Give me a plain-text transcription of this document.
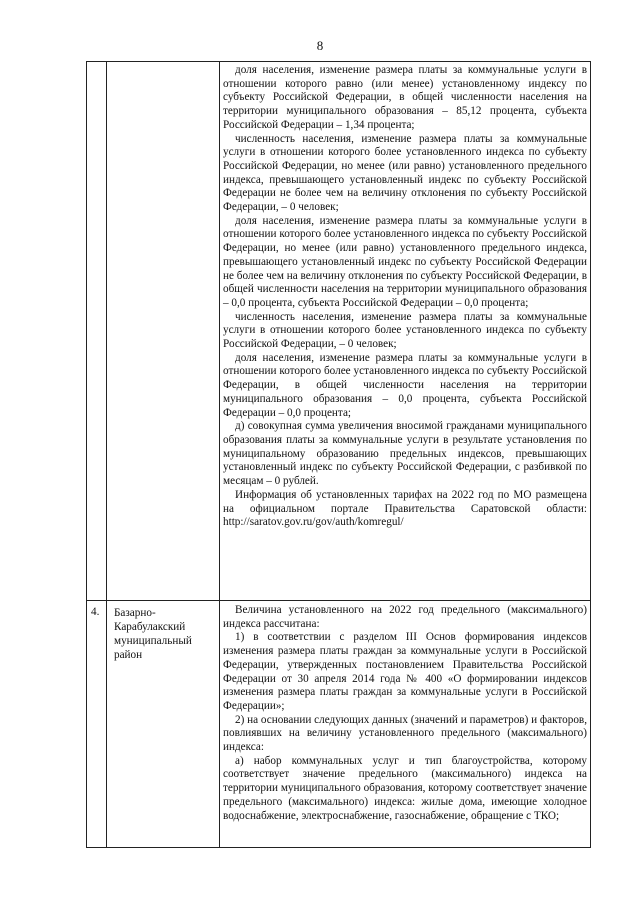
8

доля населения, изменение размера платы за коммунальные услуги в отношении которого равно (или менее) установленному индексу по субъекту Российской Федерации, в общей численности населения на территории муниципального образования – 85,12 процента, субъекта Российской Федерации – 1,34 процента;

численность населения, изменение размера платы за коммунальные услуги в отношении которого более установленного индекса по субъекту Российской Федерации, но менее (или равно) установленного предельного индекса, превышающего установленный индекс по субъекту Российской Федерации не более чем на величину отклонения по субъекту Российской Федерации, – 0 человек;

доля населения, изменение размера платы за коммунальные услуги в отношении которого более установленного индекса по субъекту Российской Федерации, но менее (или равно) установленного предельного индекса, превышающего установленный индекс по субъекту Российской Федерации не более чем на величину отклонения по субъекту Российской Федерации, в общей численности населения на территории муниципального образования – 0,0 процента, субъекта Российской Федерации – 0,0 процента;

численность населения, изменение размера платы за коммунальные услуги в отношении которого более установленного индекса по субъекту Российской Федерации, – 0 человек;

доля населения, изменение размера платы за коммунальные услуги в отношении которого более установленного индекса по субъекту Российской Федерации, в общей численности населения на территории муниципального образования – 0,0 процента, субъекта Российской Федерации – 0,0 процента;

д) совокупная сумма увеличения вносимой гражданами муниципального образования платы за коммунальные услуги в результате установления по муниципальному образованию предельных индексов, превышающих установленный индекс по субъекту Российской Федерации, с разбивкой по месяцам – 0 рублей.

Информация об установленных тарифах на 2022 год по МО размещена на официальном портале Правительства Саратовской области: http://saratov.gov.ru/gov/auth/komregul/

4. Базарно-Карабулакский муниципальный район

Величина установленного на 2022 год предельного (максимального) индекса рассчитана:

1) в соответствии с разделом III Основ формирования индексов изменения размера платы граждан за коммунальные услуги в Российской Федерации, утвержденных постановлением Правительства Российской Федерации от 30 апреля 2014 года № 400 «О формировании индексов изменения размера платы граждан за коммунальные услуги в Российской Федерации»;

2) на основании следующих данных (значений и параметров) и факторов, повлиявших на величину установленного предельного (максимального) индекса:

а) набор коммунальных услуг и тип благоустройства, которому соответствует значение предельного (максимального) индекса на территории муниципального образования, которому соответствует значение предельного (максимального) индекса: жилые дома, имеющие холодное водоснабжение, электроснабжение, газоснабжение, обращение с ТКО;
